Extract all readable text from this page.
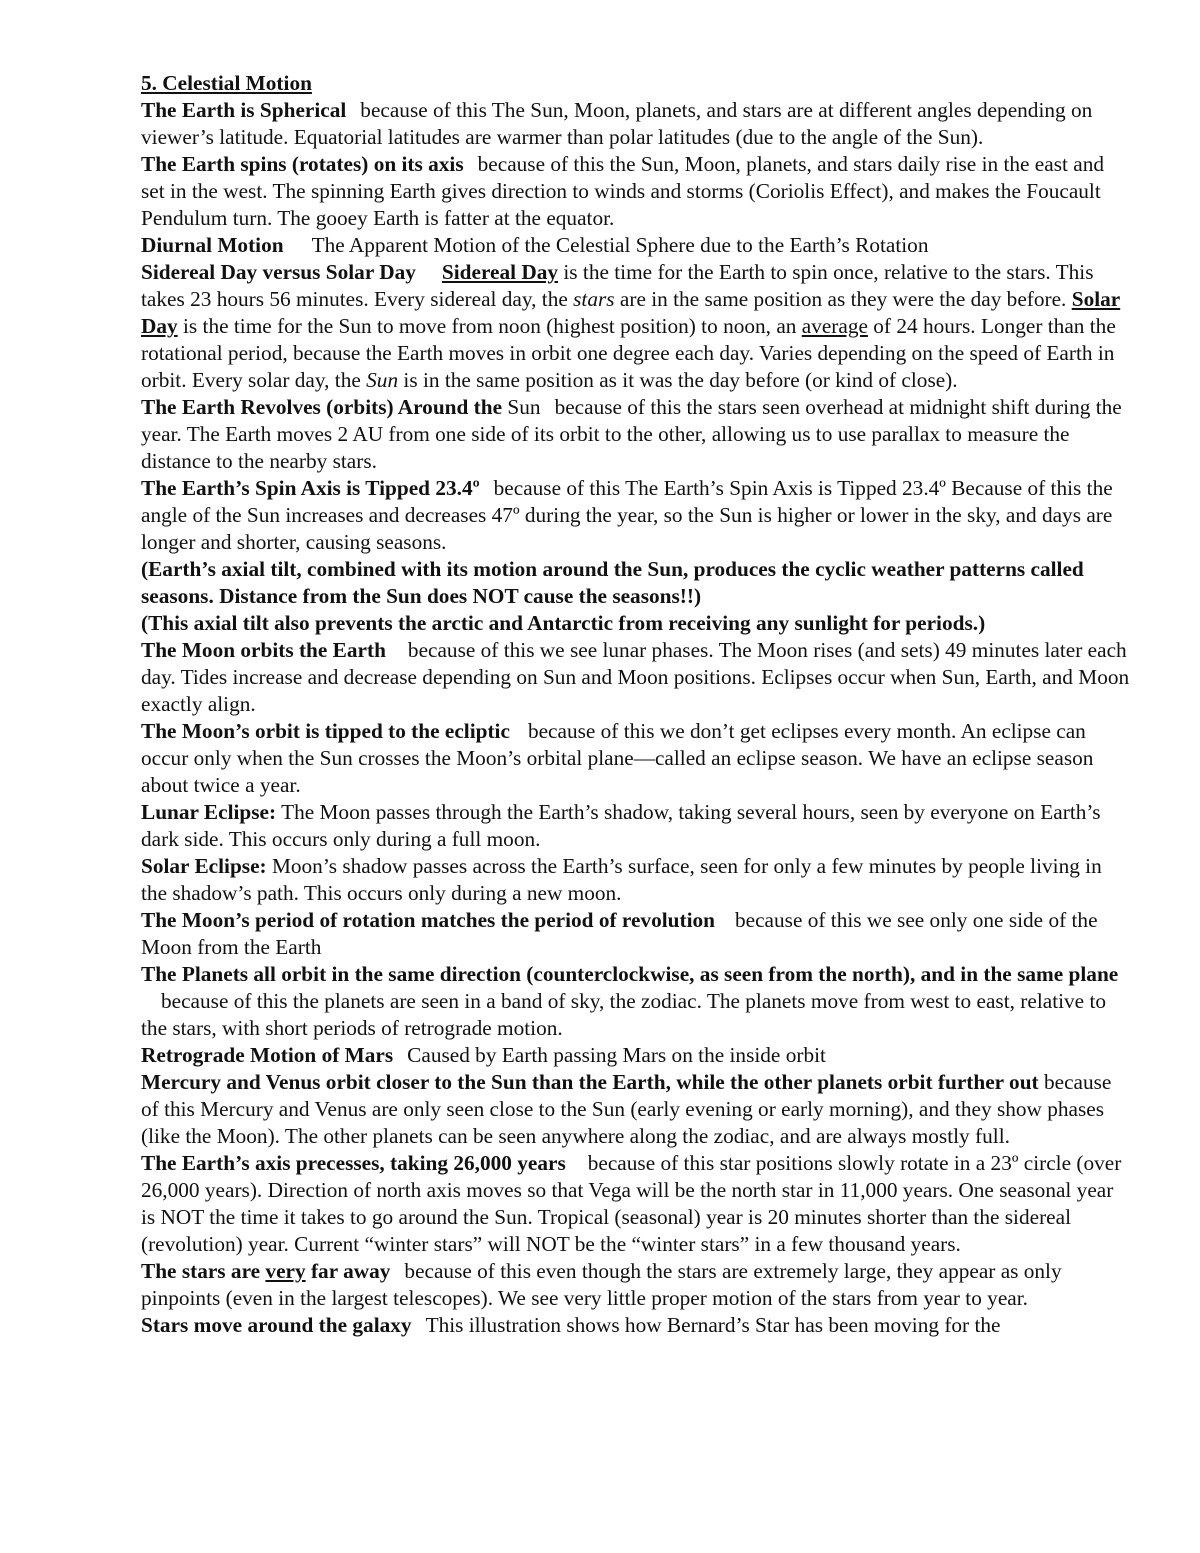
5. Celestial Motion

The Earth is Spherical because of this The Sun, Moon, planets, and stars are at different angles depending on viewer’s latitude. Equatorial latitudes are warmer than polar latitudes (due to the angle of the Sun).

The Earth spins (rotates) on its axis because of this the Sun, Moon, planets, and stars daily rise in the east and set in the west. The spinning Earth gives direction to winds and storms (Coriolis Effect), and makes the Foucault Pendulum turn. The gooey Earth is fatter at the equator.

Diurnal Motion The Apparent Motion of the Celestial Sphere due to the Earth’s Rotation

Sidereal Day versus Solar Day Sidereal Day is the time for the Earth to spin once, relative to the stars. This takes 23 hours 56 minutes. Every sidereal day, the stars are in the same position as they were the day before. Solar Day is the time for the Sun to move from noon (highest position) to noon, an average of 24 hours. Longer than the rotational period, because the Earth moves in orbit one degree each day. Varies depending on the speed of Earth in orbit. Every solar day, the Sun is in the same position as it was the day before (or kind of close).

The Earth Revolves (orbits) Around the Sun because of this the stars seen overhead at midnight shift during the year. The Earth moves 2 AU from one side of its orbit to the other, allowing us to use parallax to measure the distance to the nearby stars.

The Earth’s Spin Axis is Tipped 23.4º because of this The Earth’s Spin Axis is Tipped 23.4º Because of this the angle of the Sun increases and decreases 47º during the year, so the Sun is higher or lower in the sky, and days are longer and shorter, causing seasons.

(Earth’s axial tilt, combined with its motion around the Sun, produces the cyclic weather patterns called seasons. Distance from the Sun does NOT cause the seasons!!)

(This axial tilt also prevents the arctic and Antarctic from receiving any sunlight for periods.)

The Moon orbits the Earth because of this we see lunar phases. The Moon rises (and sets) 49 minutes later each day. Tides increase and decrease depending on Sun and Moon positions. Eclipses occur when Sun, Earth, and Moon exactly align.

The Moon’s orbit is tipped to the ecliptic because of this we don’t get eclipses every month. An eclipse can occur only when the Sun crosses the Moon’s orbital plane—called an eclipse season. We have an eclipse season about twice a year.

Lunar Eclipse: The Moon passes through the Earth’s shadow, taking several hours, seen by everyone on Earth’s dark side. This occurs only during a full moon.

Solar Eclipse: Moon’s shadow passes across the Earth’s surface, seen for only a few minutes by people living in the shadow’s path. This occurs only during a new moon.

The Moon’s period of rotation matches the period of revolution because of this we see only one side of the Moon from the Earth

The Planets all orbit in the same direction (counterclockwise, as seen from the north), and in the same planebecause of this the planets are seen in a band of sky, the zodiac. The planets move from west to east, relative to the stars, with short periods of retrograde motion.

Retrograde Motion of Mars Caused by Earth passing Mars on the inside orbit

Mercury and Venus orbit closer to the Sun than the Earth, while the other planets orbit further out because of this Mercury and Venus are only seen close to the Sun (early evening or early morning), and they show phases (like the Moon). The other planets can be seen anywhere along the zodiac, and are always mostly full.

The Earth’s axis precesses, taking 26,000 years because of this star positions slowly rotate in a 23º circle (over 26,000 years). Direction of north axis moves so that Vega will be the north star in 11,000 years. One seasonal year is NOT the time it takes to go around the Sun. Tropical (seasonal) year is 20 minutes shorter than the sidereal (revolution) year. Current “winter stars” will NOT be the “winter stars” in a few thousand years.

The stars are very far away because of this even though the stars are extremely large, they appear as only pinpoints (even in the largest telescopes). We see very little proper motion of the stars from year to year.

Stars move around the galaxy This illustration shows how Bernard’s Star has been moving for the
